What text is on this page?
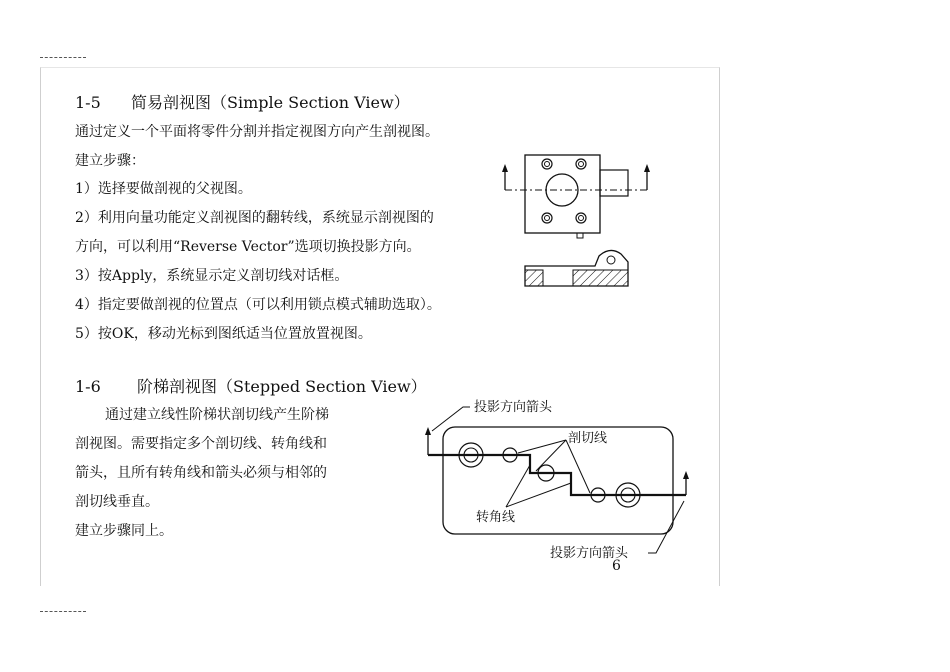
1-5 简易剖视图（Simple Section View）
通过定义一个平面将零件分割并指定视图方向产生剖视图。
建立步骤：
1）选择要做剖视的父视图。
2）利用向量功能定义剖视图的翻转线，系统显示剖视图的
方向，可以利用“Reverse Vector”选项切换投影方向。
3）按Apply，系统显示定义剖切线对话框。
4）指定要做剖视的位置点（可以利用锁点模式辅助选取）。
5）按OK，移动光标到图纸适当位置放置视图。
1-6 阶梯剖视图（Stepped Section View）
通过建立线性阶梯状剖切线产生阶梯
剖视图。需要指定多个剖切线、转角线和
箭头，且所有转角线和箭头必须与相邻的
剖切线垂直。
建立步骤同上。
投影方向箭头
剖切线
转角线
投影方向箭头
6
